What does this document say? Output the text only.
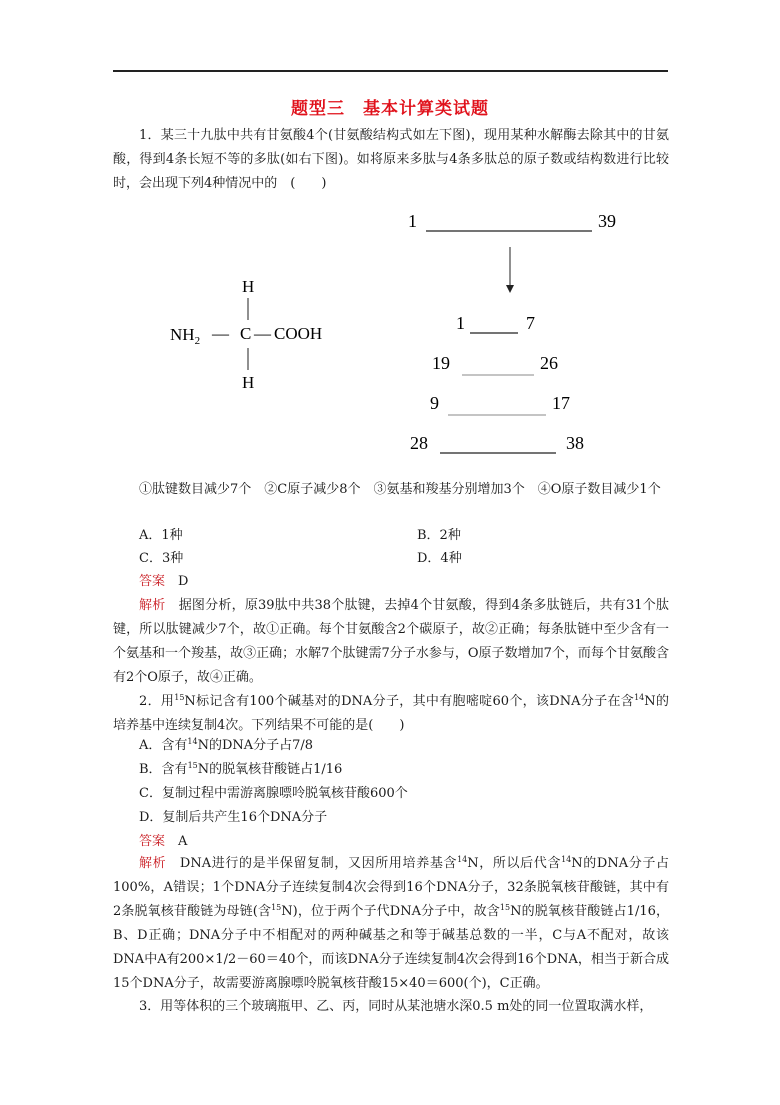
题型三　基本计算类试题
1．某三十九肽中共有甘氨酸4个(甘氨酸结构式如左下图)，现用某种水解酶去除其中的甘氨酸，得到4条长短不等的多肽(如右下图)。如将原来多肽与4条多肽总的原子数或结构数进行比较时，会出现下列4种情况中的　(　　)
H
$NH_2$ — C — COOH
H
1	39
1	7
19	26
9	17
28	38
①肽键数目减少7个　②C原子减少8个　③氨基和羧基分别增加3个　④O原子数目减少1个
A．1种	B．2种
C．3种	D．4种
答案　 D
解析　 据图分析，原39肽中共38个肽键，去掉4个甘氨酸，得到4条多肽链后，共有31个肽键，所以肽键减少7个，故①正确。每个甘氨酸含2个碳原子，故②正确；每条肽链中至少含有一个氨基和一个羧基，故③正确；水解7个肽键需7分子水参与，O原子数增加7个，而每个甘氨酸含有2个O原子，故④正确。
2．用$^{15}$N标记含有100个碱基对的DNA分子，其中有胞嘧啶60个，该DNA分子在含$^{14}$N的培养基中连续复制4次。下列结果不可能的是(　　)
A．含有$^{14}$N的DNA分子占7/8
B．含有$^{15}$N的脱氧核苷酸链占1/16
C．复制过程中需游离腺嘌呤脱氧核苷酸600个
D．复制后共产生16个DNA分子
答案　 A
解析　 DNA进行的是半保留复制，又因所用培养基含$^{14}$N，所以后代含$^{14}$N的DNA分子占100%，A错误；1个DNA分子连续复制4次会得到16个DNA分子，32条脱氧核苷酸链，其中有2条脱氧核苷酸链为母链(含$^{15}$N)，位于两个子代DNA分子中，故含$^{15}$N的脱氧核苷酸链占1/16，B、D正确；DNA分子中不相配对的两种碱基之和等于碱基总数的一半，C与A不配对，故该DNA中A有200×1/2－60＝40个，而该DNA分子连续复制4次会得到16个DNA，相当于新合成15个DNA分子，故需要游离腺嘌呤脱氧核苷酸15×40＝600(个)，C正确。
3．用等体积的三个玻璃瓶甲、乙、丙，同时从某池塘水深0.5 m处的同一位置取满水样，
